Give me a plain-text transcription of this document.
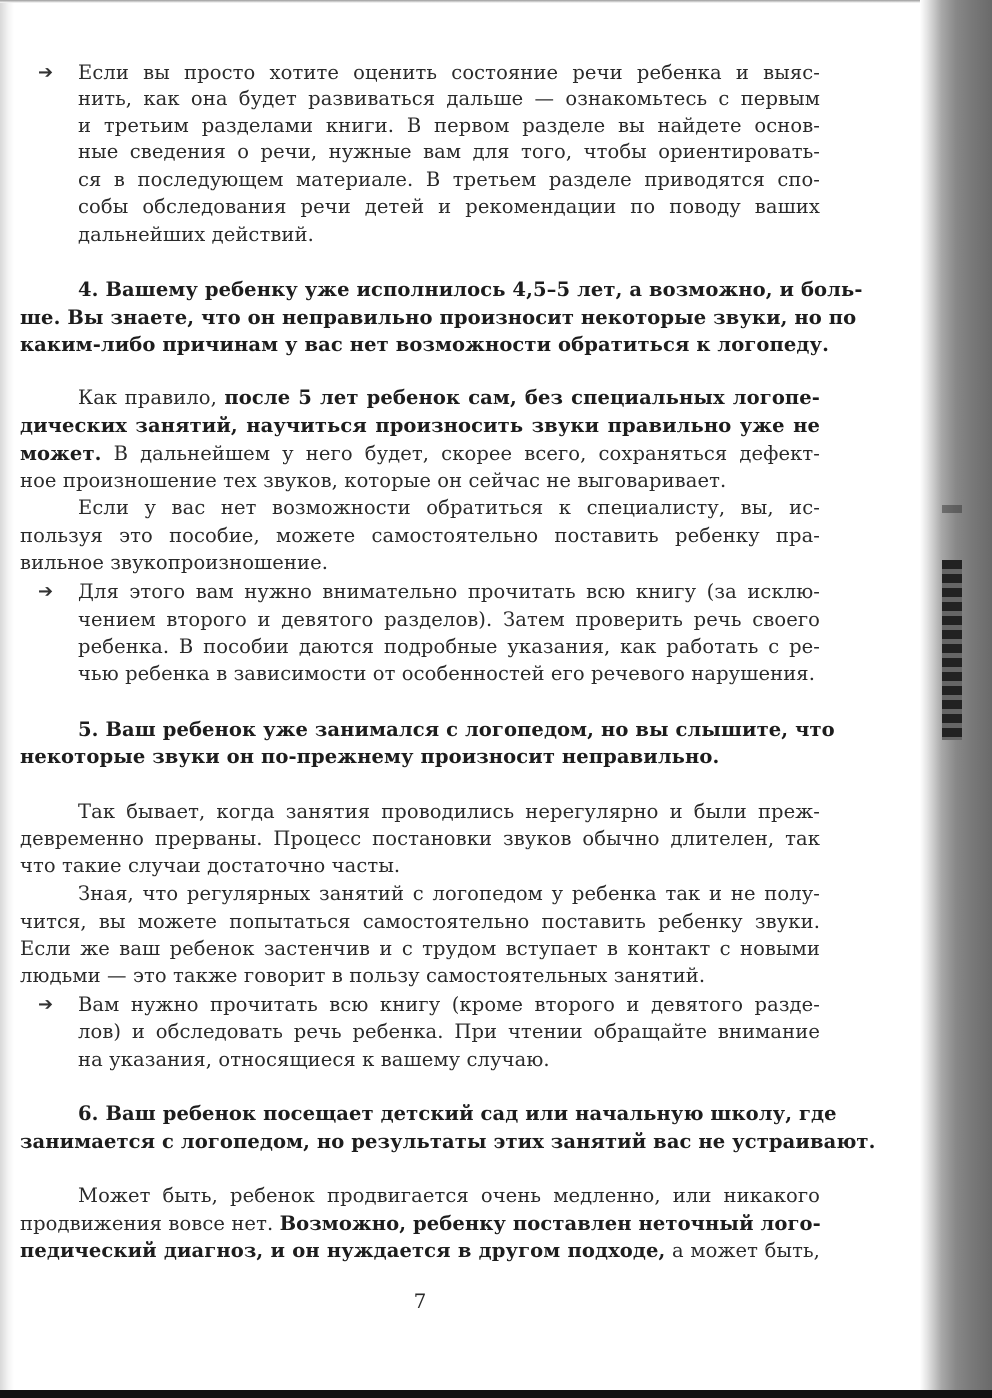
➔ Если вы просто хотите оценить состояние речи ребенка и выяс-
нить, как она будет развиваться дальше — ознакомьтесь с первым
и третьим разделами книги. В первом разделе вы найдете основ-
ные сведения о речи, нужные вам для того, чтобы ориентировать-
ся в последующем материале. В третьем разделе приводятся спо-
собы обследования речи детей и рекомендации по поводу ваших
дальнейших действий.
4. Вашему ребенку уже исполнилось 4,5–5 лет, а возможно, и боль-
ше. Вы знаете, что он неправильно произносит некоторые звуки, но по
каким-либо причинам у вас нет возможности обратиться к логопеду.
Как правило, после 5 лет ребенок сам, без специальных логопе-
дических занятий, научиться произносить звуки правильно уже не
может. В дальнейшем у него будет, скорее всего, сохраняться дефект-
ное произношение тех звуков, которые он сейчас не выговаривает.
Если у вас нет возможности обратиться к специалисту, вы, ис-
пользуя это пособие, можете самостоятельно поставить ребенку пра-
вильное звукопроизношение.
➔ Для этого вам нужно внимательно прочитать всю книгу (за исклю-
чением второго и девятого разделов). Затем проверить речь своего
ребенка. В пособии даются подробные указания, как работать с ре-
чью ребенка в зависимости от особенностей его речевого нарушения.
5. Ваш ребенок уже занимался с логопедом, но вы слышите, что
некоторые звуки он по-прежнему произносит неправильно.
Так бывает, когда занятия проводились нерегулярно и были преж-
девременно прерваны. Процесс постановки звуков обычно длителен, так
что такие случаи достаточно часты.
Зная, что регулярных занятий с логопедом у ребенка так и не полу-
чится, вы можете попытаться самостоятельно поставить ребенку звуки.
Если же ваш ребенок застенчив и с трудом вступает в контакт с новыми
людьми — это также говорит в пользу самостоятельных занятий.
➔ Вам нужно прочитать всю книгу (кроме второго и девятого разде-
лов) и обследовать речь ребенка. При чтении обращайте внимание
на указания, относящиеся к вашему случаю.
6. Ваш ребенок посещает детский сад или начальную школу, где
занимается с логопедом, но результаты этих занятий вас не устраивают.
Может быть, ребенок продвигается очень медленно, или никакого
продвижения вовсе нет. Возможно, ребенку поставлен неточный лого-
педический диагноз, и он нуждается в другом подходе, а может быть,
7
